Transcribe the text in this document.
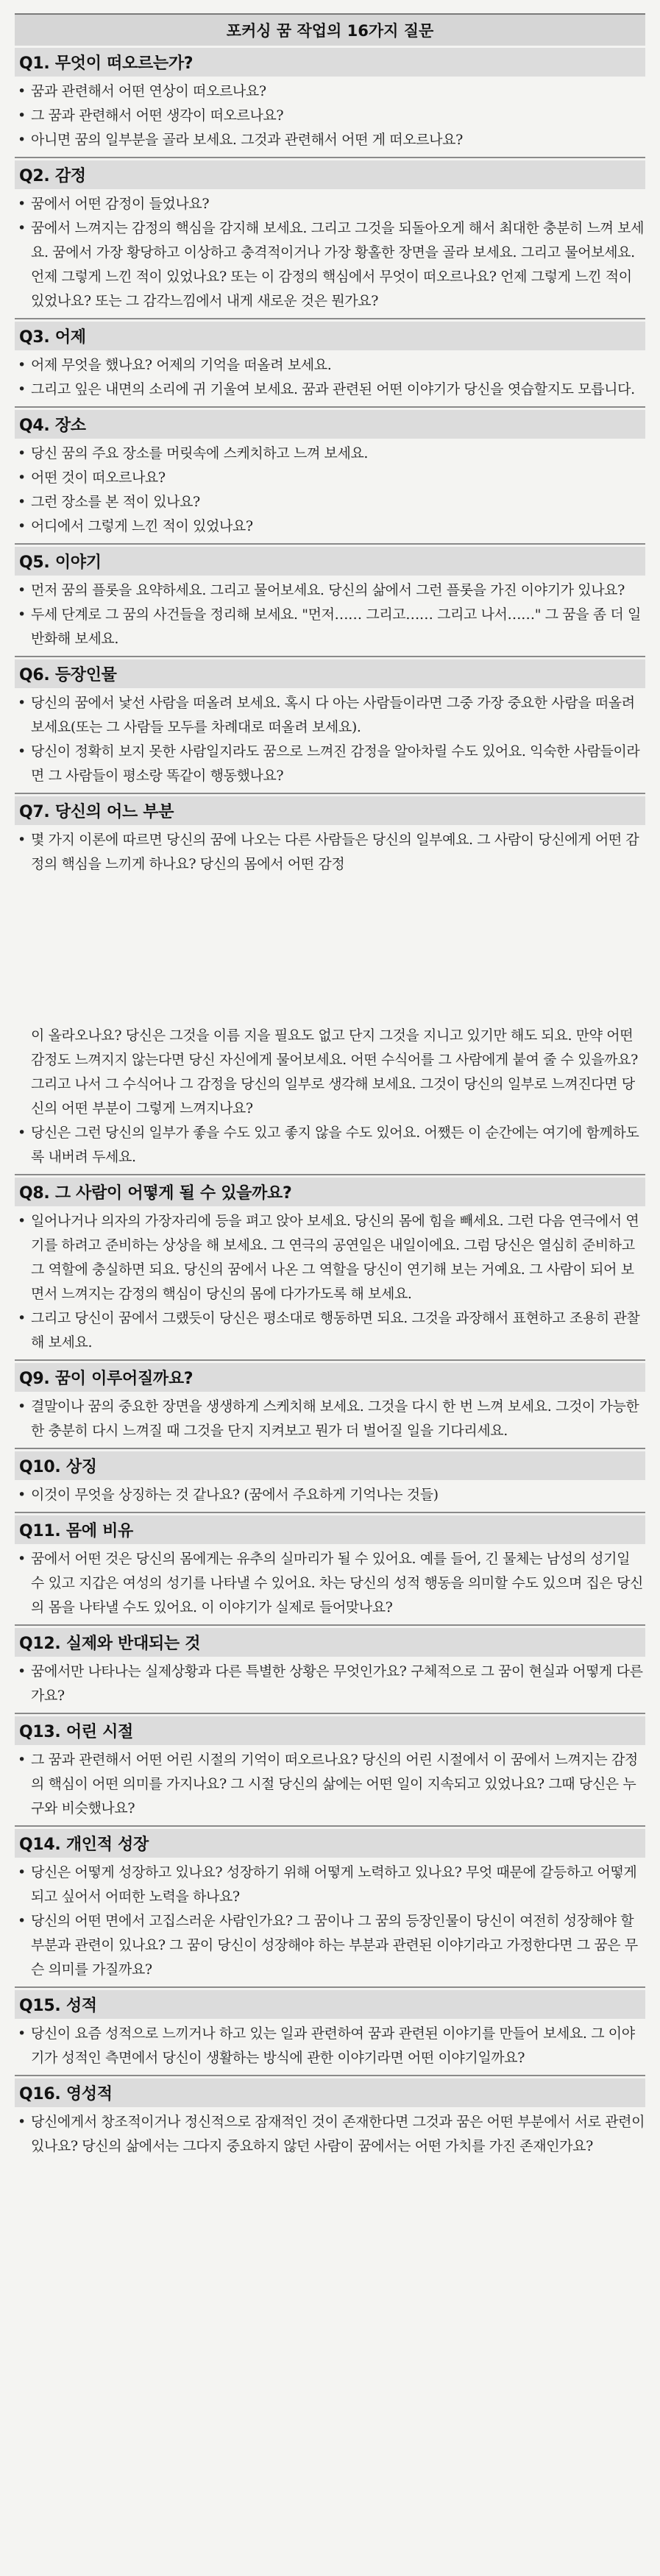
포커싱 꿈 작업의 16가지 질문
Q1. 무엇이 떠오르는가?
• 꿈과 관련해서 어떤 연상이 떠오르나요?
• 그 꿈과 관련해서 어떤 생각이 떠오르나요?
• 아니면 꿈의 일부분을 골라 보세요. 그것과 관련해서 어떤 게 떠오르나요?
Q2. 감정
• 꿈에서 어떤 감정이 들었나요?
• 꿈에서 느껴지는 감정의 핵심을 감지해 보세요. 그리고 그것을 되돌아오게 해서 최대한 충분히 느껴 보세요. 꿈에서 가장 황당하고 이상하고 충격적이거나 가장 황홀한 장면을 골라 보세요. 그리고 물어보세요. 언제 그렇게 느낀 적이 있었나요? 또는 이 감정의 핵심에서 무엇이 떠오르나요? 언제 그렇게 느낀 적이 있었나요? 또는 그 감각느낌에서 내게 새로운 것은 뭔가요?
Q3. 어제
• 어제 무엇을 했나요? 어제의 기억을 떠올려 보세요.
• 그리고 잎은 내면의 소리에 귀 기울여 보세요. 꿈과 관련된 어떤 이야기가 당신을 엿습할지도 모릅니다.
Q4. 장소
• 당신 꿈의 주요 장소를 머릿속에 스케치하고 느껴 보세요.
• 어떤 것이 떠오르나요?
• 그런 장소를 본 적이 있나요?
• 어디에서 그렇게 느낀 적이 있었나요?
Q5. 이야기
• 먼저 꿈의 플롯을 요약하세요. 그리고 물어보세요. 당신의 삶에서 그런 플롯을 가진 이야기가 있나요?
• 두세 단계로 그 꿈의 사건들을 정리해 보세요. "먼저…… 그리고…… 그리고 나서……" 그 꿈을 좀 더 일반화해 보세요.
Q6. 등장인물
• 당신의 꿈에서 낯선 사람을 떠올려 보세요. 혹시 다 아는 사람들이라면 그중 가장 중요한 사람을 떠올려 보세요(또는 그 사람들 모두를 차례대로 떠올려 보세요).
• 당신이 정확히 보지 못한 사람일지라도 꿈으로 느껴진 감정을 알아차릴 수도 있어요. 익숙한 사람들이라면 그 사람들이 평소랑 똑같이 행동했나요?
Q7. 당신의 어느 부분
• 몇 가지 이론에 따르면 당신의 꿈에 나오는 다른 사람들은 당신의 일부예요. 그 사람이 당신에게 어떤 감정의 핵심을 느끼게 하나요? 당신의 몸에서 어떤 감정
이 올라오나요? 당신은 그것을 이름 지을 필요도 없고 단지 그것을 지니고 있기만 해도 되요. 만약 어떤 감정도 느껴지지 않는다면 당신 자신에게 물어보세요. 어떤 수식어를 그 사람에게 붙여 줄 수 있을까요? 그리고 나서 그 수식어나 그 감정을 당신의 일부로 생각해 보세요. 그것이 당신의 일부로 느껴진다면 당신의 어떤 부분이 그렇게 느껴지나요?
• 당신은 그런 당신의 일부가 좋을 수도 있고 좋지 않을 수도 있어요. 어쨌든 이 순간에는 여기에 함께하도록 내버려 두세요.
Q8. 그 사람이 어떻게 될 수 있을까요?
• 일어나거나 의자의 가장자리에 등을 펴고 앉아 보세요. 당신의 몸에 힘을 빼세요. 그런 다음 연극에서 연기를 하려고 준비하는 상상을 해 보세요. 그 연극의 공연일은 내일이에요. 그럼 당신은 열심히 준비하고 그 역할에 충실하면 되요. 당신의 꿈에서 나온 그 역할을 당신이 연기해 보는 거예요. 그 사람이 되어 보면서 느껴지는 감정의 핵심이 당신의 몸에 다가가도록 해 보세요.
• 그리고 당신이 꿈에서 그랬듯이 당신은 평소대로 행동하면 되요. 그것을 과장해서 표현하고 조용히 관찰해 보세요.
Q9. 꿈이 이루어질까요?
• 결말이나 꿈의 중요한 장면을 생생하게 스케치해 보세요. 그것을 다시 한 번 느껴 보세요. 그것이 가능한 한 충분히 다시 느껴질 때 그것을 단지 지켜보고 뭔가 더 벌어질 일을 기다리세요.
Q10. 상징
• 이것이 무엇을 상징하는 것 같나요? (꿈에서 주요하게 기억나는 것들)
Q11. 몸에 비유
• 꿈에서 어떤 것은 당신의 몸에게는 유추의 실마리가 될 수 있어요. 예를 들어, 긴 물체는 남성의 성기일 수 있고 지갑은 여성의 성기를 나타낼 수 있어요. 차는 당신의 성적 행동을 의미할 수도 있으며 집은 당신의 몸을 나타낼 수도 있어요. 이 이야기가 실제로 들어맞나요?
Q12. 실제와 반대되는 것
• 꿈에서만 나타나는 실제상황과 다른 특별한 상황은 무엇인가요? 구체적으로 그 꿈이 현실과 어떻게 다른가요?
Q13. 어린 시절
• 그 꿈과 관련해서 어떤 어린 시절의 기억이 떠오르나요? 당신의 어린 시절에서 이 꿈에서 느껴지는 감정의 핵심이 어떤 의미를 가지나요? 그 시절 당신의 삶에는 어떤 일이 지속되고 있었나요? 그때 당신은 누구와 비슷했나요?
Q14. 개인적 성장
• 당신은 어떻게 성장하고 있나요? 성장하기 위해 어떻게 노력하고 있나요? 무엇 때문에 갈등하고 어떻게 되고 싶어서 어떠한 노력을 하나요?
• 당신의 어떤 면에서 고집스러운 사람인가요? 그 꿈이나 그 꿈의 등장인물이 당신이 여전히 성장해야 할 부분과 관련이 있나요? 그 꿈이 당신이 성장해야 하는 부분과 관련된 이야기라고 가정한다면 그 꿈은 무슨 의미를 가질까요?
Q15. 성적
• 당신이 요즘 성적으로 느끼거나 하고 있는 일과 관련하여 꿈과 관련된 이야기를 만들어 보세요. 그 이야기가 성적인 측면에서 당신이 생활하는 방식에 관한 이야기라면 어떤 이야기일까요?
Q16. 영성적
• 당신에게서 창조적이거나 정신적으로 잠재적인 것이 존재한다면 그것과 꿈은 어떤 부분에서 서로 관련이 있나요? 당신의 삶에서는 그다지 중요하지 않던 사람이 꿈에서는 어떤 가치를 가진 존재인가요?
